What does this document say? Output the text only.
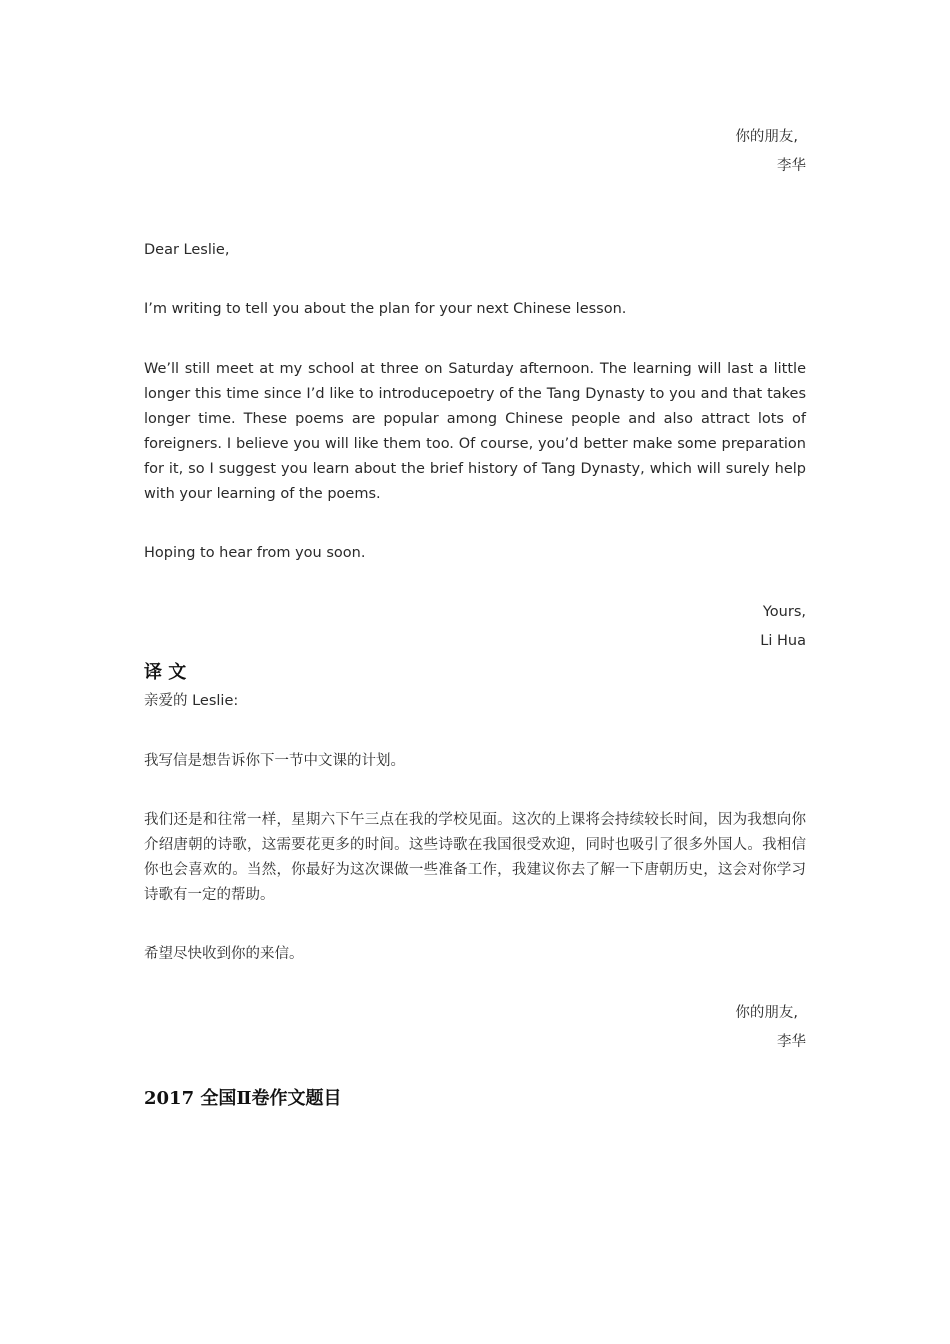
你的朋友,
李华
Dear Leslie,
I’m writing to tell you about the plan for your next Chinese lesson.
We’ll still meet at my school at three on Saturday afternoon. The learning will last a little longer this time since I’d like to introducepoetry of the Tang Dynasty to you and that takes longer time. These poems are popular among Chinese people and also attract lots of foreigners. I believe you will like them too. Of course, you’d better make some preparation for it, so I suggest you learn about the brief history of Tang Dynasty, which will surely help with your learning of the poems.
Hoping to hear from you soon.
Yours,
Li Hua
译 文
亲爱的 Leslie:
我写信是想告诉你下一节中文课的计划。
我们还是和往常一样，星期六下午三点在我的学校见面。这次的上课将会持续较长时间，因为我想向你介绍唐朝的诗歌，这需要花更多的时间。这些诗歌在我国很受欢迎，同时也吸引了很多外国人。我相信你也会喜欢的。当然，你最好为这次课做一些准备工作，我建议你去了解一下唐朝历史，这会对你学习诗歌有一定的帮助。
希望尽快收到你的来信。
你的朋友,
李华
2017 全国Ⅱ卷作文题目
